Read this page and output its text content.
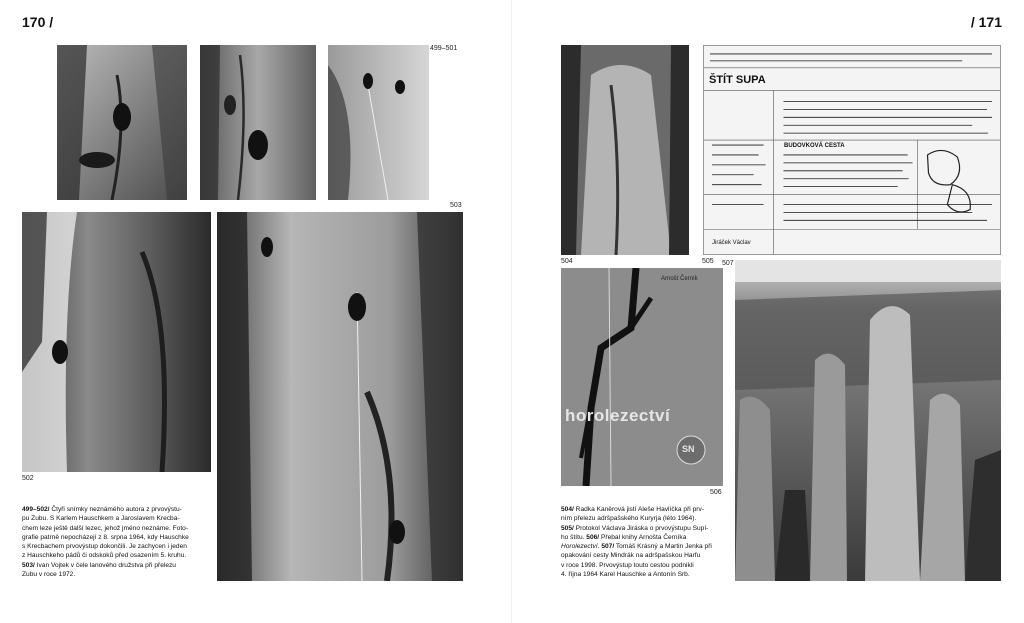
170 /	/ 171
499–501
502
503
499–502/ Čtyři snímky neznámého autora z prvovýstu-
pu Zubu. S Karlem Hauschkem a Jaroslavem Krecba-
chem leze ještě další lezec, jehož jméno neznáme. Foto-
grafie patrně nepocházejí z 8. srpna 1964, kdy Hauschke
s Krecbachem prvovýstup dokončili. Je zachycen i jeden
z Hauschkeho pádů či odskoků před osazením 5. kruhu.
503/ Ivan Vojtek v čele lanového družstva při přelezu
Zubu v roce 1972.
504
ŠTÍT SUPA
BUDOVKOVÁ CESTA
Jiráček Václav
505
Arnošt Černík
horolezectví
SN
506
507
504/ Radka Kaněrová jistí Aleše Havlíčka při prv-
ním přelezu adršpašského Kuryrja (léto 1964).
505/ Protokol Václava Jiráska o prvovýstupu Supí-
ho štítu. 506/ Přebal knihy Arnošta Černíka
Horolezectví. 507/ Tomáš Krásný a Martin Jenka při
opakování cesty Mindrák na adršpašskou Harfu
v roce 1998. Prvovýstup touto cestou podnikli
4. října 1964 Karel Hauschke a Antonín Srb.
